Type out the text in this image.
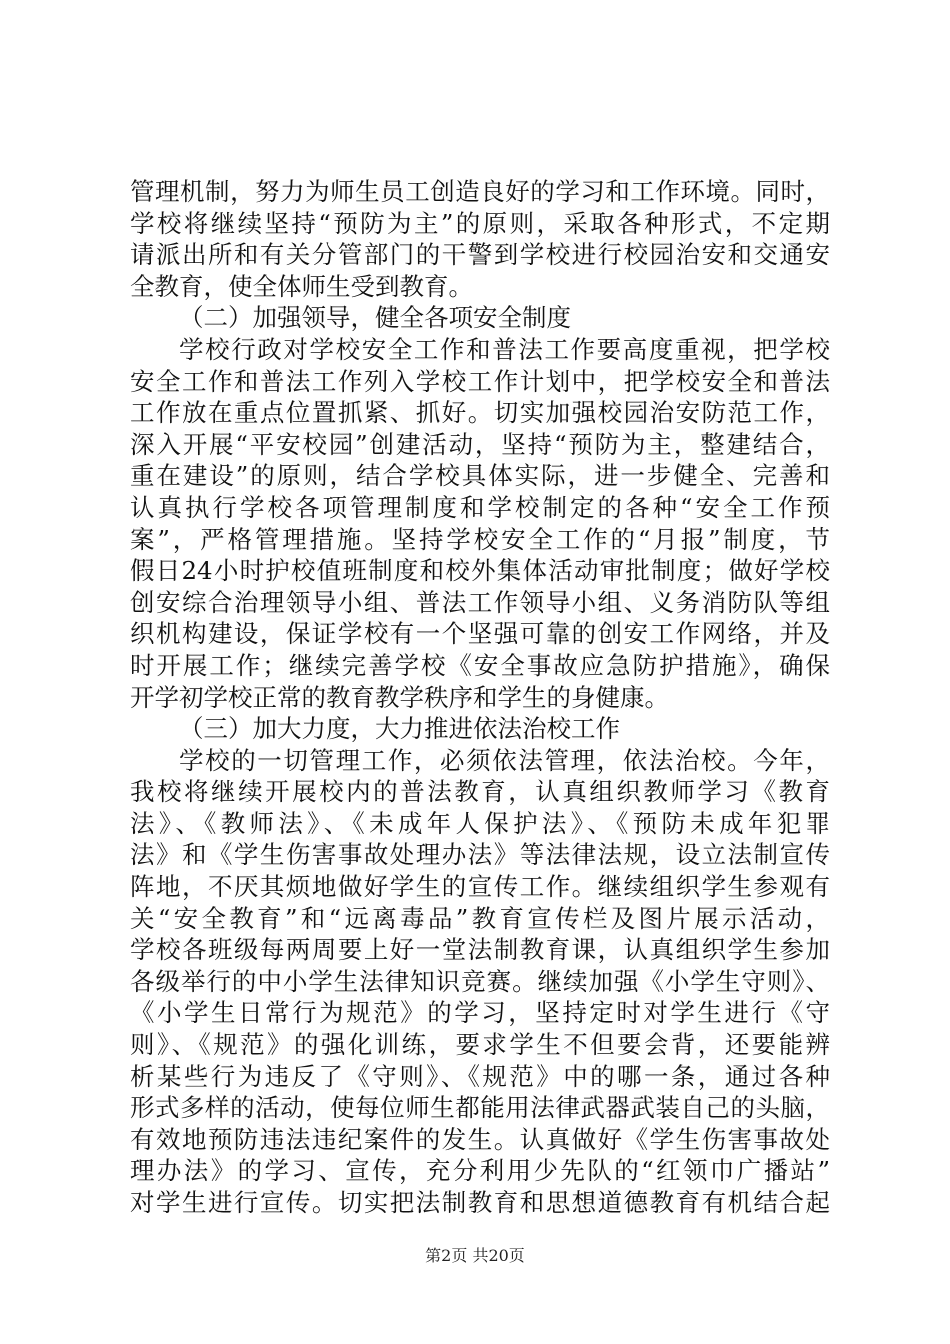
管理机制，努力为师生员工创造良好的学习和工作环境。同时，
学校将继续坚持“预防为主”的原则，采取各种形式，不定期
请派出所和有关分管部门的干警到学校进行校园治安和交通安
全教育，使全体师生受到教育。
（二）加强领导，健全各项安全制度
学校行政对学校安全工作和普法工作要高度重视，把学校
安全工作和普法工作列入学校工作计划中，把学校安全和普法
工作放在重点位置抓紧、抓好。切实加强校园治安防范工作，
深入开展“平安校园”创建活动，坚持“预防为主，整建结合，
重在建设”的原则，结合学校具体实际，进一步健全、完善和
认真执行学校各项管理制度和学校制定的各种“安全工作预
案”，严格管理措施。坚持学校安全工作的“月报”制度，节
假日24小时护校值班制度和校外集体活动审批制度；做好学校
创安综合治理领导小组、普法工作领导小组、义务消防队等组
织机构建设，保证学校有一个坚强可靠的创安工作网络，并及
时开展工作；继续完善学校《安全事故应急防护措施》，确保
开学初学校正常的教育教学秩序和学生的身健康。
（三）加大力度，大力推进依法治校工作
学校的一切管理工作，必须依法管理，依法治校。今年，
我校将继续开展校内的普法教育，认真组织教师学习《教育
法》、《教师法》、《未成年人保护法》、《预防未成年犯罪
法》和《学生伤害事故处理办法》等法律法规，设立法制宣传
阵地，不厌其烦地做好学生的宣传工作。继续组织学生参观有
关“安全教育”和“远离毒品”教育宣传栏及图片展示活动，
学校各班级每两周要上好一堂法制教育课，认真组织学生参加
各级举行的中小学生法律知识竞赛。继续加强《小学生守则》、
《小学生日常行为规范》的学习，坚持定时对学生进行《守
则》、《规范》的强化训练，要求学生不但要会背，还要能辨
析某些行为违反了《守则》、《规范》中的哪一条，通过各种
形式多样的活动，使每位师生都能用法律武器武装自己的头脑，
有效地预防违法违纪案件的发生。认真做好《学生伤害事故处
理办法》的学习、宣传，充分利用少先队的“红领巾广播站”
对学生进行宣传。切实把法制教育和思想道德教育有机结合起
第2页 共20页
